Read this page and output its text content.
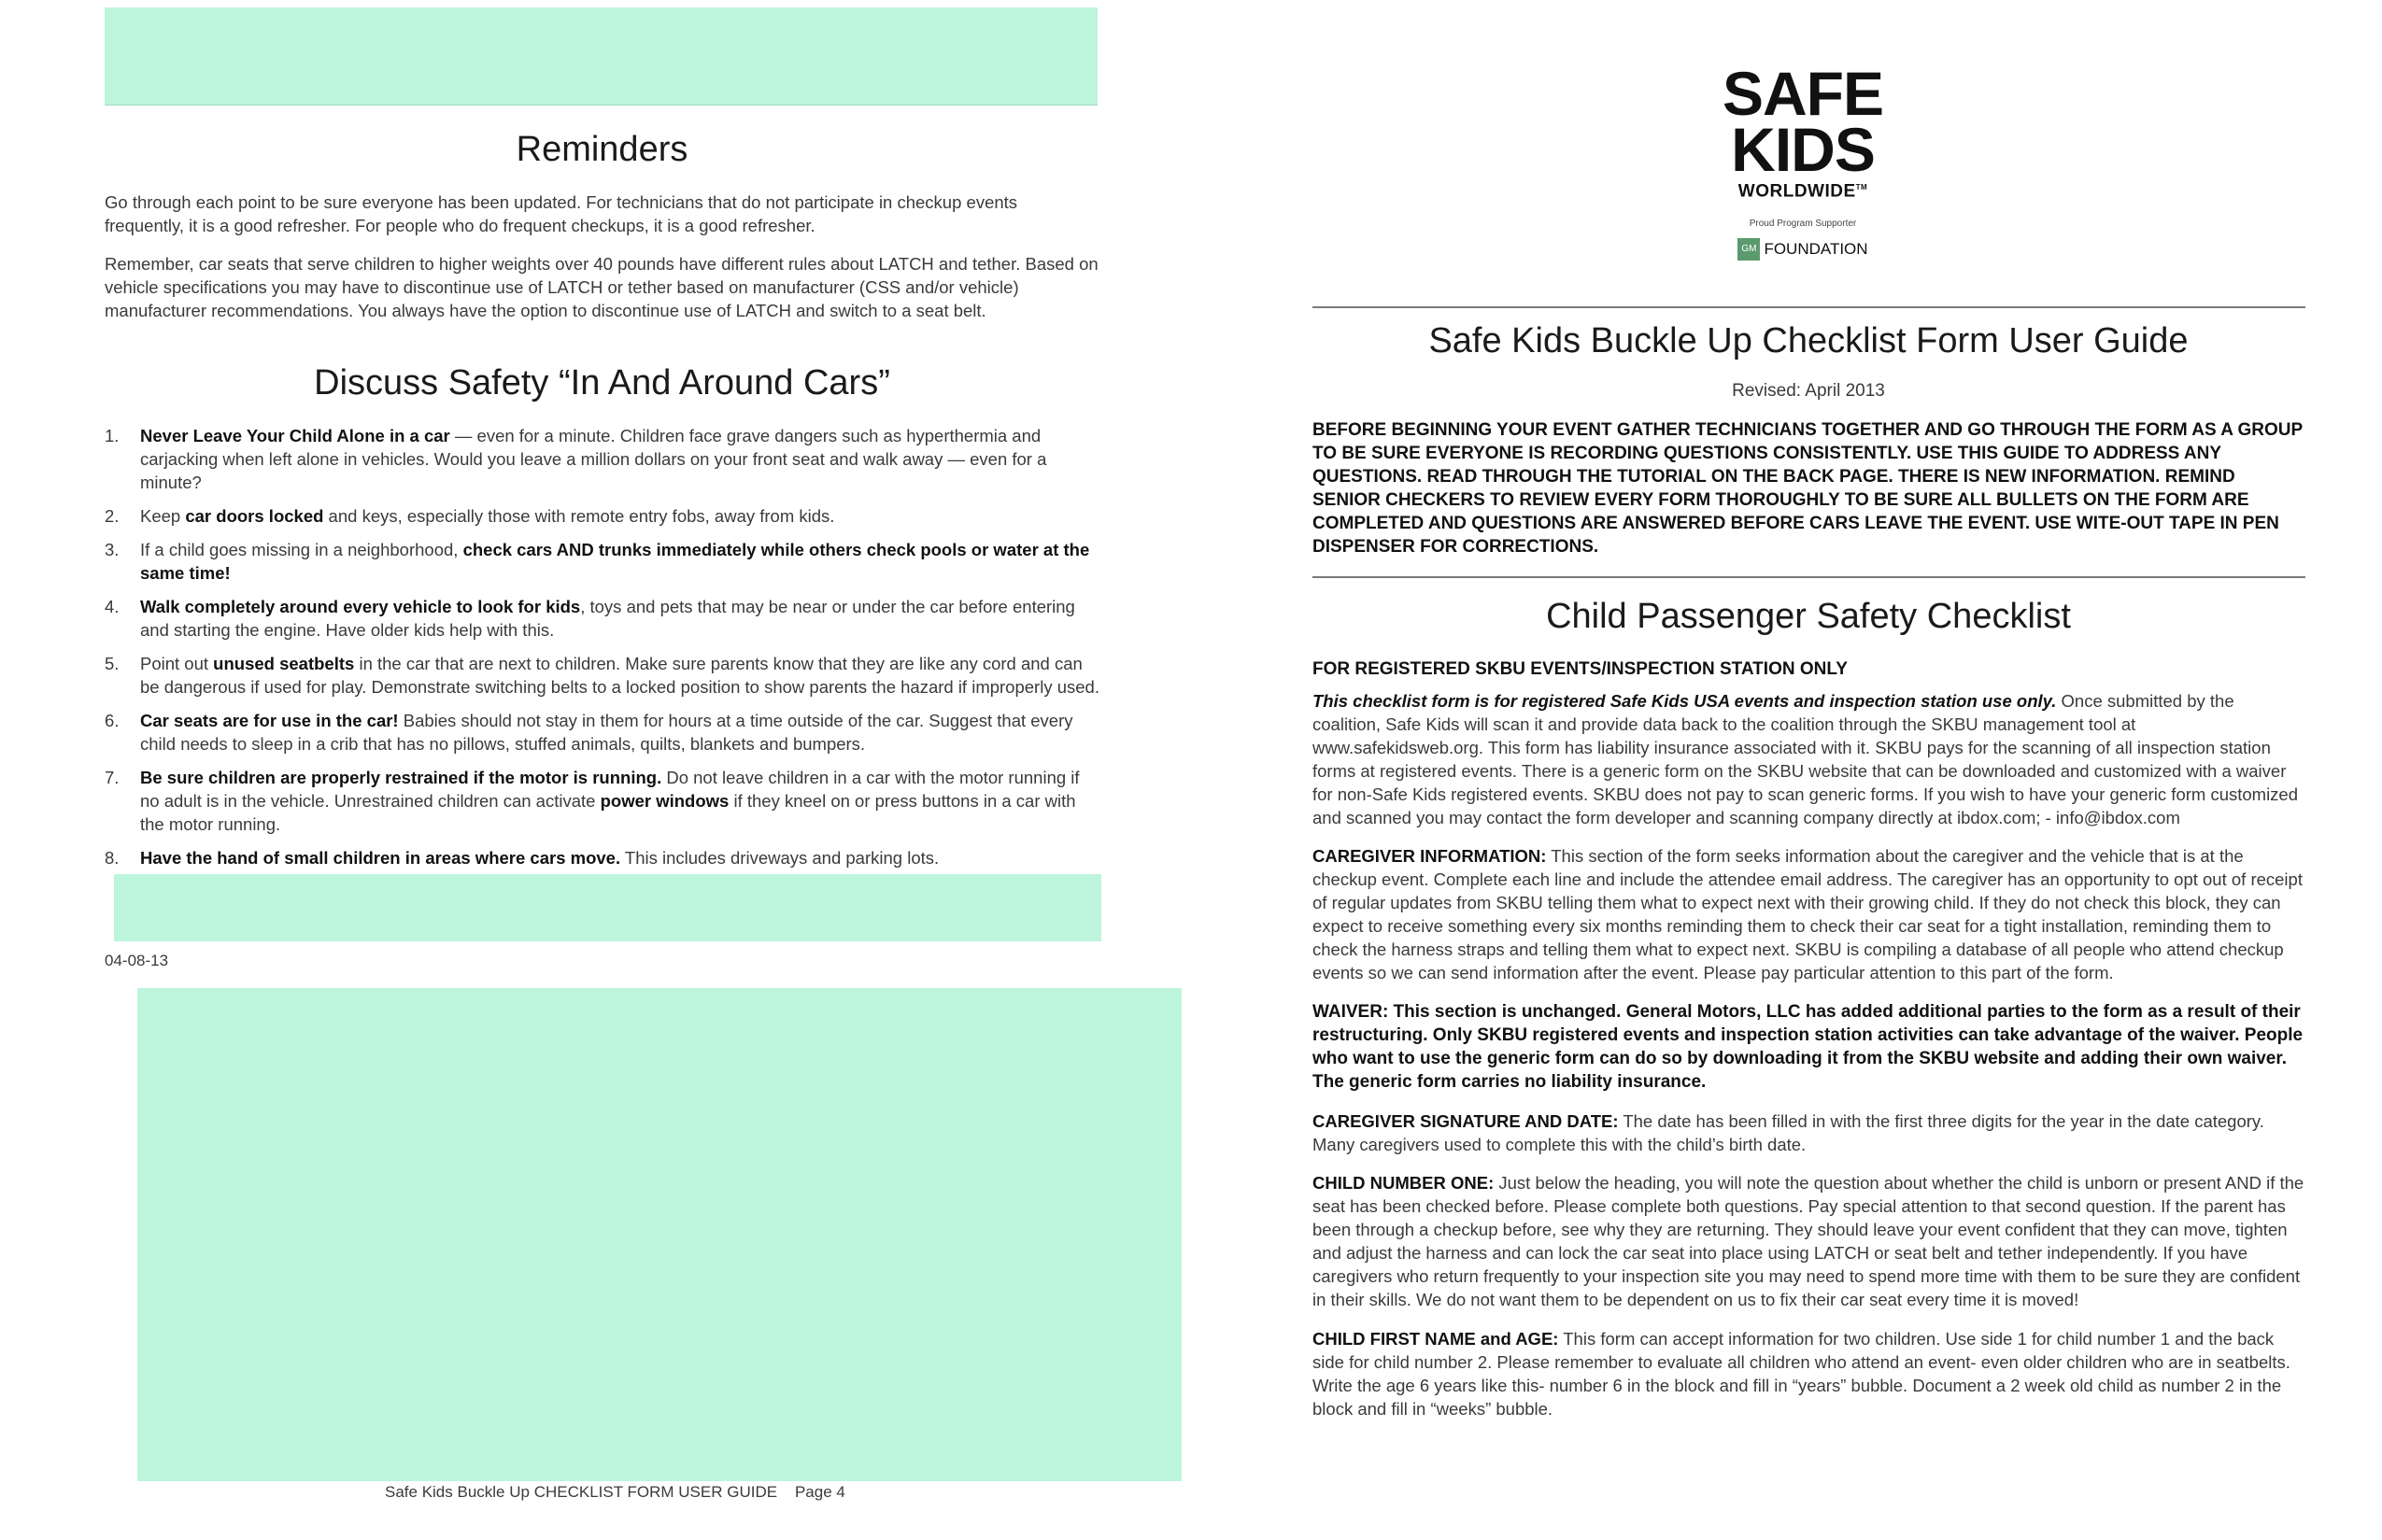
Reminders

Go through each point to be sure everyone has been updated. For technicians that do not participate in checkup events frequently, it is a good refresher. For people who do frequent checkups, it is a good refresher.

Remember, car seats that serve children to higher weights over 40 pounds have different rules about LATCH and tether. Based on vehicle specifications you may have to discontinue use of LATCH or tether based on manufacturer (CSS and/or vehicle) manufacturer recommendations. You always have the option to discontinue use of LATCH and switch to a seat belt.

Discuss Safety “In And Around Cars”
1. Never Leave Your Child Alone in a car — even for a minute. Children face grave dangers such as hyperthermia and carjacking when left alone in vehicles. Would you leave a million dollars on your front seat and walk away — even for a minute?
2. Keep car doors locked and keys, especially those with remote entry fobs, away from kids.
3. If a child goes missing in a neighborhood, check cars AND trunks immediately while others check pools or water at the same time!
4. Walk completely around every vehicle to look for kids, toys and pets that may be near or under the car before entering and starting the engine. Have older kids help with this.
5. Point out unused seatbelts in the car that are next to children. Make sure parents know that they are like any cord and can be dangerous if used for play. Demonstrate switching belts to a locked position to show parents the hazard if improperly used.
6. Car seats are for use in the car! Babies should not stay in them for hours at a time outside of the car. Suggest that every child needs to sleep in a crib that has no pillows, stuffed animals, quilts, blankets and bumpers.
7. Be sure children are properly restrained if the motor is running. Do not leave children in a car with the motor running if no adult is in the vehicle. Unrestrained children can activate power windows if they kneel on or press buttons in a car with the motor running.
8. Have the hand of small children in areas where cars move. This includes driveways and parking lots.
04-08-13
Safe Kids Buckle Up CHECKLIST FORM USER GUIDE    Page 4
SAFE
KIDS
WORLDWIDE™
Proud Program Supporter
GM FOUNDATION
Safe Kids Buckle Up Checklist Form User Guide
Revised: April 2013

BEFORE BEGINNING YOUR EVENT GATHER TECHNICIANS TOGETHER AND GO THROUGH THE FORM AS A GROUP TO BE SURE EVERYONE IS RECORDING QUESTIONS CONSISTENTLY. USE THIS GUIDE TO ADDRESS ANY QUESTIONS. READ THROUGH THE TUTORIAL ON THE BACK PAGE. THERE IS NEW INFORMATION. REMIND SENIOR CHECKERS TO REVIEW EVERY FORM THOROUGHLY TO BE SURE ALL BULLETS ON THE FORM ARE COMPLETED AND QUESTIONS ARE ANSWERED BEFORE CARS LEAVE THE EVENT. USE WITE-OUT TAPE IN PEN DISPENSER FOR CORRECTIONS.

Child Passenger Safety Checklist

FOR REGISTERED SKBU EVENTS/INSPECTION STATION ONLY

This checklist form is for registered Safe Kids USA events and inspection station use only. Once submitted by the coalition, Safe Kids will scan it and provide data back to the coalition through the SKBU management tool at www.safekidsweb.org. This form has liability insurance associated with it. SKBU pays for the scanning of all inspection station forms at registered events. There is a generic form on the SKBU website that can be downloaded and customized with a waiver for non-Safe Kids registered events. SKBU does not pay to scan generic forms. If you wish to have your generic form customized and scanned you may contact the form developer and scanning company directly at ibdox.com; - info@ibdox.com

CAREGIVER INFORMATION: This section of the form seeks information about the caregiver and the vehicle that is at the checkup event. Complete each line and include the attendee email address. The caregiver has an opportunity to opt out of receipt of regular updates from SKBU telling them what to expect next with their growing child. If they do not check this block, they can expect to receive something every six months reminding them to check their car seat for a tight installation, reminding them to check the harness straps and telling them what to expect next. SKBU is compiling a database of all people who attend checkup events so we can send information after the event. Please pay particular attention to this part of the form.

WAIVER: This section is unchanged. General Motors, LLC has added additional parties to the form as a result of their restructuring. Only SKBU registered events and inspection station activities can take advantage of the waiver. People who want to use the generic form can do so by downloading it from the SKBU website and adding their own waiver. The generic form carries no liability insurance.

CAREGIVER SIGNATURE AND DATE: The date has been filled in with the first three digits for the year in the date category. Many caregivers used to complete this with the child’s birth date.

CHILD NUMBER ONE: Just below the heading, you will note the question about whether the child is unborn or present AND if the seat has been checked before. Please complete both questions. Pay special attention to that second question. If the parent has been through a checkup before, see why they are returning. They should leave your event confident that they can move, tighten and adjust the harness and can lock the car seat into place using LATCH or seat belt and tether independently. If you have caregivers who return frequently to your inspection site you may need to spend more time with them to be sure they are confident in their skills. We do not want them to be dependent on us to fix their car seat every time it is moved!

CHILD FIRST NAME and AGE: This form can accept information for two children. Use side 1 for child number 1 and the back side for child number 2. Please remember to evaluate all children who attend an event- even older children who are in seatbelts. Write the age 6 years like this- number 6 in the block and fill in “years” bubble. Document a 2 week old child as number 2 in the block and fill in “weeks” bubble.
